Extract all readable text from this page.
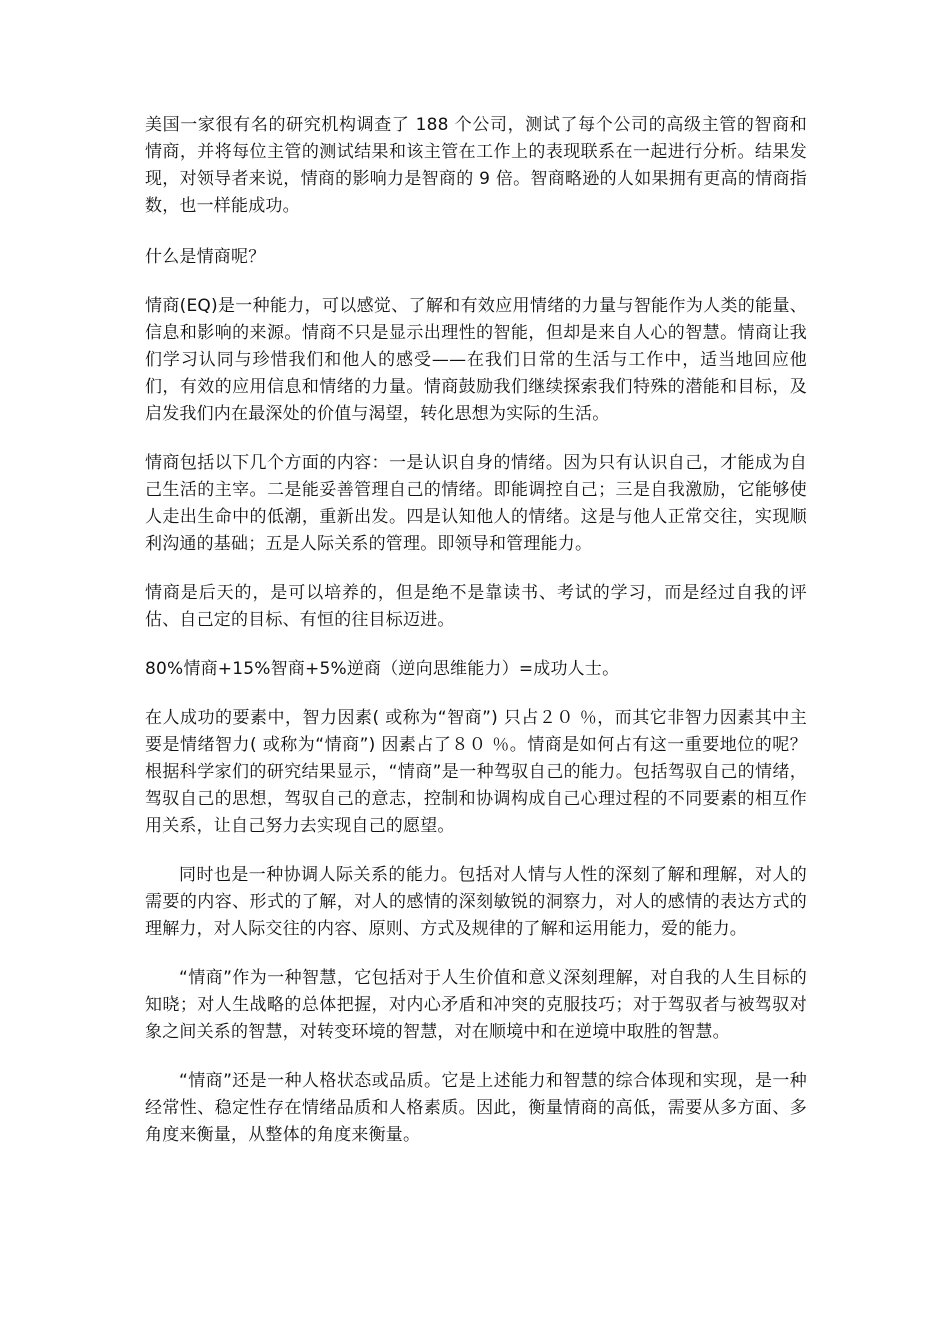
美国一家很有名的研究机构调查了 188 个公司，测试了每个公司的高级主管的智商和情商，并将每位主管的测试结果和该主管在工作上的表现联系在一起进行分析。结果发现，对领导者来说，情商的影响力是智商的 9 倍。智商略逊的人如果拥有更高的情商指数，也一样能成功。

什么是情商呢？

情商(EQ)是一种能力，可以感觉、了解和有效应用情绪的力量与智能作为人类的能量、信息和影响的来源。情商不只是显示出理性的智能，但却是来自人心的智慧。情商让我们学习认同与珍惜我们和他人的感受——在我们日常的生活与工作中，适当地回应他们，有效的应用信息和情绪的力量。情商鼓励我们继续探索我们特殊的潜能和目标，及启发我们内在最深处的价值与渴望，转化思想为实际的生活。

情商包括以下几个方面的内容：一是认识自身的情绪。因为只有认识自己，才能成为自己生活的主宰。二是能妥善管理自己的情绪。即能调控自己；三是自我激励，它能够使人走出生命中的低潮，重新出发。四是认知他人的情绪。这是与他人正常交往，实现顺利沟通的基础；五是人际关系的管理。即领导和管理能力。

情商是后天的，是可以培养的，但是绝不是靠读书、考试的学习，而是经过自我的评估、自己定的目标、有恒的往目标迈进。

80%情商+15%智商+5%逆商（逆向思维能力）=成功人士。

在人成功的要素中，智力因素( 或称为“智商”) 只占２０ ％，而其它非智力因素其中主要是情绪智力( 或称为“情商”) 因素占了８０ ％。情商是如何占有这一重要地位的呢？根据科学家们的研究结果显示，“情商”是一种驾驭自己的能力。包括驾驭自己的情绪，驾驭自己的思想，驾驭自己的意志，控制和协调构成自己心理过程的不同要素的相互作用关系，让自己努力去实现自己的愿望。

同时也是一种协调人际关系的能力。包括对人情与人性的深刻了解和理解，对人的需要的内容、形式的了解，对人的感情的深刻敏锐的洞察力，对人的感情的表达方式的理解力，对人际交往的内容、原则、方式及规律的了解和运用能力，爱的能力。

“情商”作为一种智慧，它包括对于人生价值和意义深刻理解，对自我的人生目标的知晓；对人生战略的总体把握，对内心矛盾和冲突的克服技巧；对于驾驭者与被驾驭对象之间关系的智慧，对转变环境的智慧，对在顺境中和在逆境中取胜的智慧。

“情商”还是一种人格状态或品质。它是上述能力和智慧的综合体现和实现，是一种经常性、稳定性存在情绪品质和人格素质。因此，衡量情商的高低，需要从多方面、多角度来衡量，从整体的角度来衡量。
